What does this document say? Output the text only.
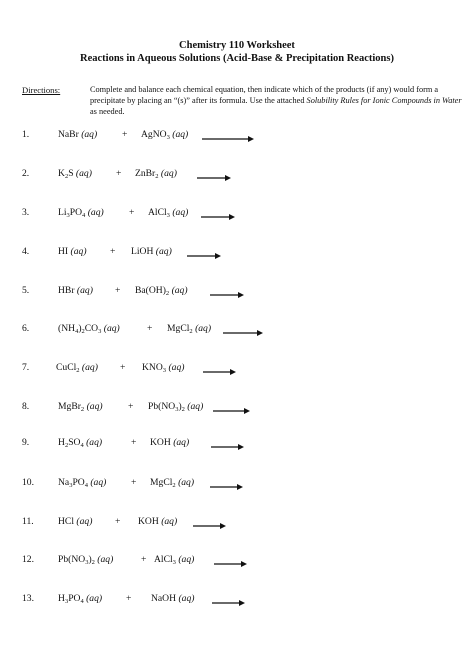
Chemistry 110 Worksheet
Reactions in Aqueous Solutions (Acid-Base & Precipitation Reactions)
Directions:	Complete and balance each chemical equation, then indicate which of the products (if any) would form a precipitate by placing an “(s)” after its formula. Use the attached Solubility Rules for Ionic Compounds in Water as needed.
1.	NaBr (aq)	+ AgNO$_3$ (aq)
2.	$K_2S$ (aq)	+ ZnBr$_2$ (aq)
3.	$Li_3PO_4$ (aq)	+ AlCl$_3$ (aq) →
4.	HI (aq) + LiOH (aq)
5.	HBr $(aq) + Ba(OH)_2$ (aq)
6.	$(NH_4)_2CO_3$ (aq)	+ MgCl$_2$ (aq)
7.	CuCl$_2$ $(aq) + KNO_3$ (aq)
8.	MgBr$_2$ (aq)	+ $Pb(NO_3)_2$ (aq) →
9.	$H_2SO_4$ (aq)	+ KOH (aq)
10.	$Na_3PO_4$ (aq)	+ MgCl$_2$ (aq)
11.	HCl (aq) + KOH (aq)
12.	$Pb(NO_3)_2$ (aq)	+ AlCl$_3$ (aq)
13.	$H_3PO_4$ (aq) + NaOH (aq)
